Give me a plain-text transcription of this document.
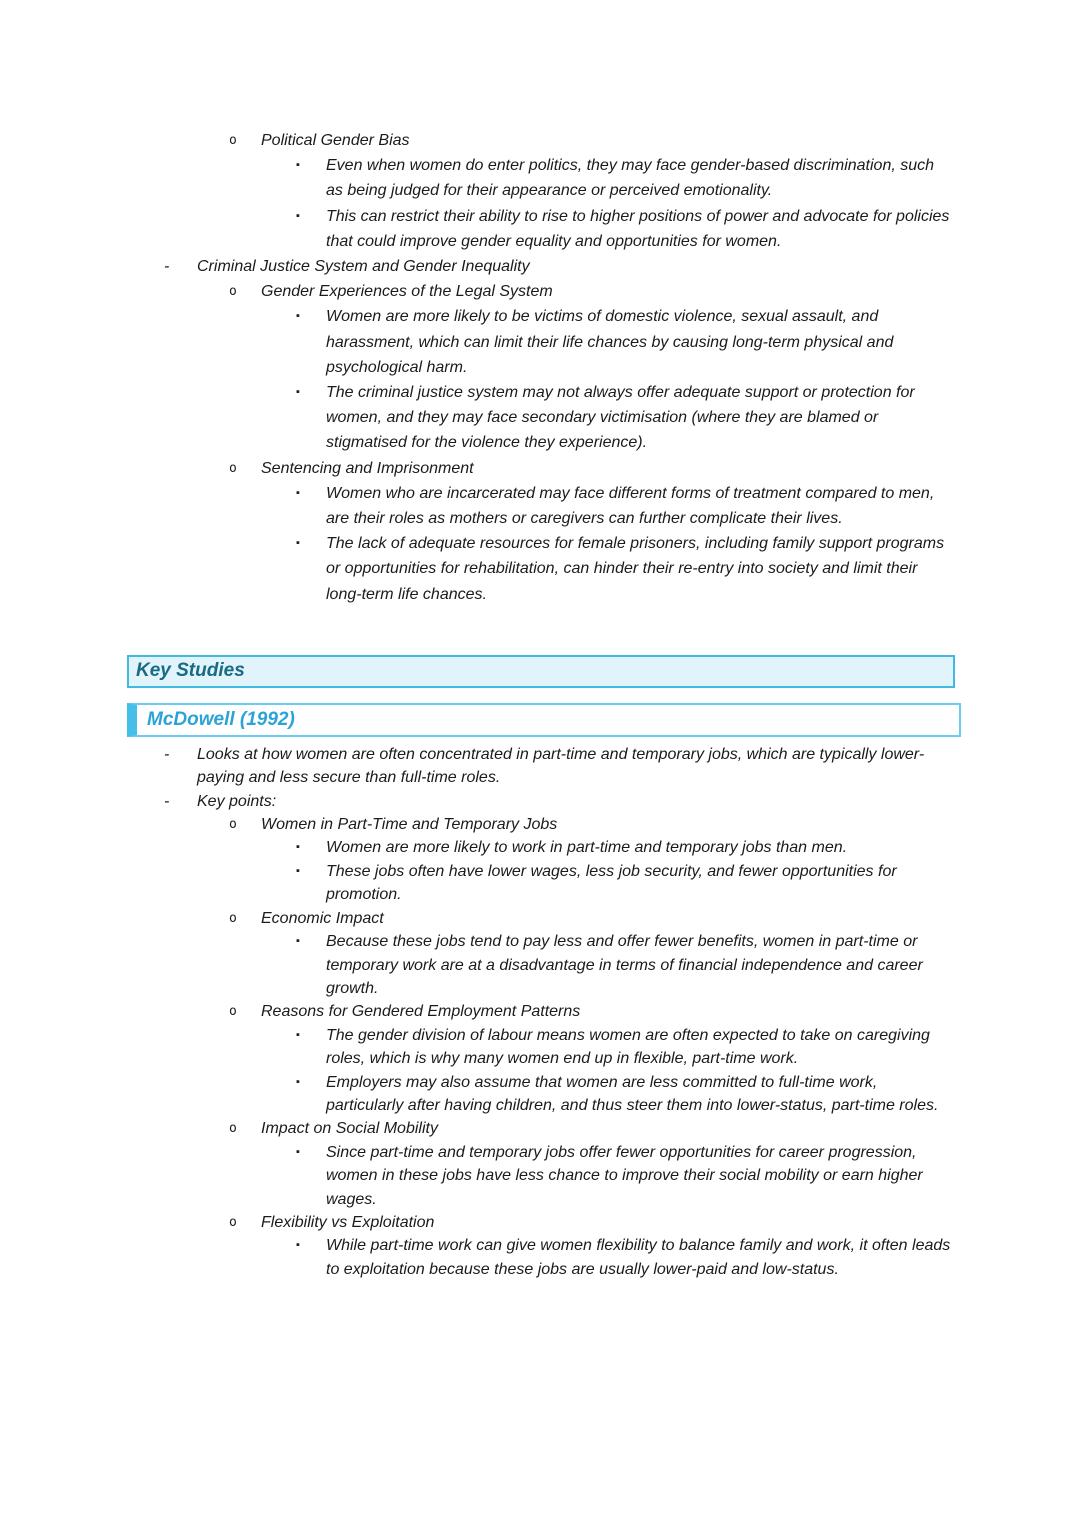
o Political Gender Bias
▪ Even when women do enter politics, they may face gender-based discrimination, such as being judged for their appearance or perceived emotionality.
▪ This can restrict their ability to rise to higher positions of power and advocate for policies that could improve gender equality and opportunities for women.
- Criminal Justice System and Gender Inequality
o Gender Experiences of the Legal System
▪ Women are more likely to be victims of domestic violence, sexual assault, and harassment, which can limit their life chances by causing long-term physical and psychological harm.
▪ The criminal justice system may not always offer adequate support or protection for women, and they may face secondary victimisation (where they are blamed or stigmatised for the violence they experience).
o Sentencing and Imprisonment
▪ Women who are incarcerated may face different forms of treatment compared to men, are their roles as mothers or caregivers can further complicate their lives.
▪ The lack of adequate resources for female prisoners, including family support programs or opportunities for rehabilitation, can hinder their re-entry into society and limit their long-term life chances.
Key Studies
McDowell (1992)
- Looks at how women are often concentrated in part-time and temporary jobs, which are typically lower-paying and less secure than full-time roles.
- Key points:
o Women in Part-Time and Temporary Jobs
▪ Women are more likely to work in part-time and temporary jobs than men.
▪ These jobs often have lower wages, less job security, and fewer opportunities for promotion.
o Economic Impact
▪ Because these jobs tend to pay less and offer fewer benefits, women in part-time or temporary work are at a disadvantage in terms of financial independence and career growth.
o Reasons for Gendered Employment Patterns
▪ The gender division of labour means women are often expected to take on caregiving roles, which is why many women end up in flexible, part-time work.
▪ Employers may also assume that women are less committed to full-time work, particularly after having children, and thus steer them into lower-status, part-time roles.
o Impact on Social Mobility
▪ Since part-time and temporary jobs offer fewer opportunities for career progression, women in these jobs have less chance to improve their social mobility or earn higher wages.
o Flexibility vs Exploitation
▪ While part-time work can give women flexibility to balance family and work, it often leads to exploitation because these jobs are usually lower-paid and low-status.
